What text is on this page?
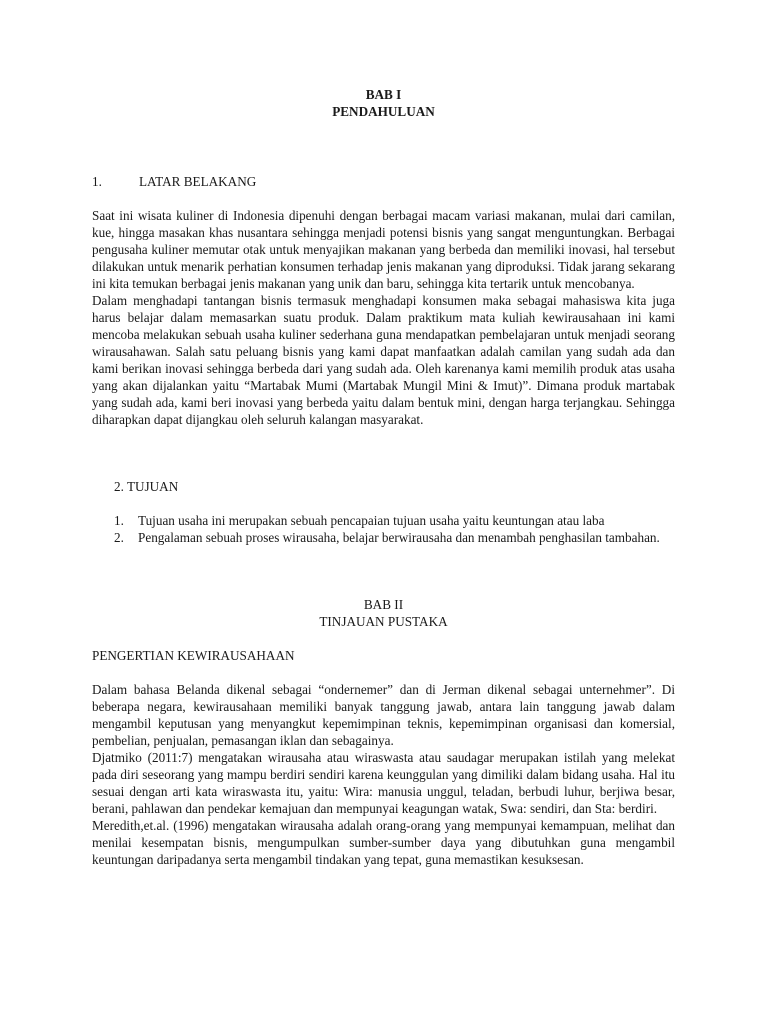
BAB I
PENDAHULUAN
1.	LATAR BELAKANG

Saat ini wisata kuliner di Indonesia dipenuhi dengan berbagai macam variasi makanan, mulai dari camilan, kue, hingga masakan khas nusantara sehingga menjadi potensi bisnis yang sangat menguntungkan. Berbagai pengusaha kuliner memutar otak untuk menyajikan makanan yang berbeda dan memiliki inovasi, hal tersebut dilakukan untuk menarik perhatian konsumen terhadap jenis makanan yang diproduksi. Tidak jarang sekarang ini kita temukan berbagai jenis makanan yang unik dan baru, sehingga kita tertarik untuk mencobanya.

Dalam menghadapi tantangan bisnis termasuk menghadapi konsumen maka sebagai mahasiswa kita juga harus belajar dalam memasarkan suatu produk. Dalam praktikum mata kuliah kewirausahaan ini kami mencoba melakukan sebuah usaha kuliner sederhana guna mendapatkan pembelajaran untuk menjadi seorang wirausahawan. Salah satu peluang bisnis yang kami dapat manfaatkan adalah camilan yang sudah ada dan kami berikan inovasi sehingga berbeda dari yang sudah ada. Oleh karenanya kami memilih produk atas usaha yang akan dijalankan yaitu “Martabak Mumi (Martabak Mungil Mini & Imut)”. Dimana produk martabak yang sudah ada, kami beri inovasi yang berbeda yaitu dalam bentuk mini, dengan harga terjangkau. Sehingga diharapkan dapat dijangkau oleh seluruh kalangan masyarakat.

2. TUJUAN
1.	Tujuan usaha ini merupakan sebuah pencapaian tujuan usaha yaitu keuntungan atau laba
2.	Pengalaman sebuah proses wirausaha, belajar berwirausaha dan menambah penghasilan tambahan.
BAB II
TINJAUAN PUSTAKA
PENGERTIAN KEWIRAUSAHAAN

Dalam bahasa Belanda dikenal sebagai “ondernemer” dan di Jerman dikenal sebagai unternehmer”. Di beberapa negara, kewirausahaan memiliki banyak tanggung jawab, antara lain tanggung jawab dalam mengambil keputusan yang menyangkut kepemimpinan teknis, kepemimpinan organisasi dan komersial, pembelian, penjualan, pemasangan iklan dan sebagainya.

Djatmiko (2011:7) mengatakan wirausaha atau wiraswasta atau saudagar merupakan istilah yang melekat pada diri seseorang yang mampu berdiri sendiri karena keunggulan yang dimiliki dalam bidang usaha. Hal itu sesuai dengan arti kata wiraswasta itu, yaitu: Wira: manusia unggul, teladan, berbudi luhur, berjiwa besar, berani, pahlawan dan pendekar kemajuan dan mempunyai keagungan watak, Swa: sendiri, dan Sta: berdiri.

Meredith,et.al. (1996) mengatakan wirausaha adalah orang-orang yang mempunyai kemampuan, melihat dan menilai kesempatan bisnis, mengumpulkan sumber-sumber daya yang dibutuhkan guna mengambil keuntungan daripadanya serta mengambil tindakan yang tepat, guna memastikan kesuksesan.
